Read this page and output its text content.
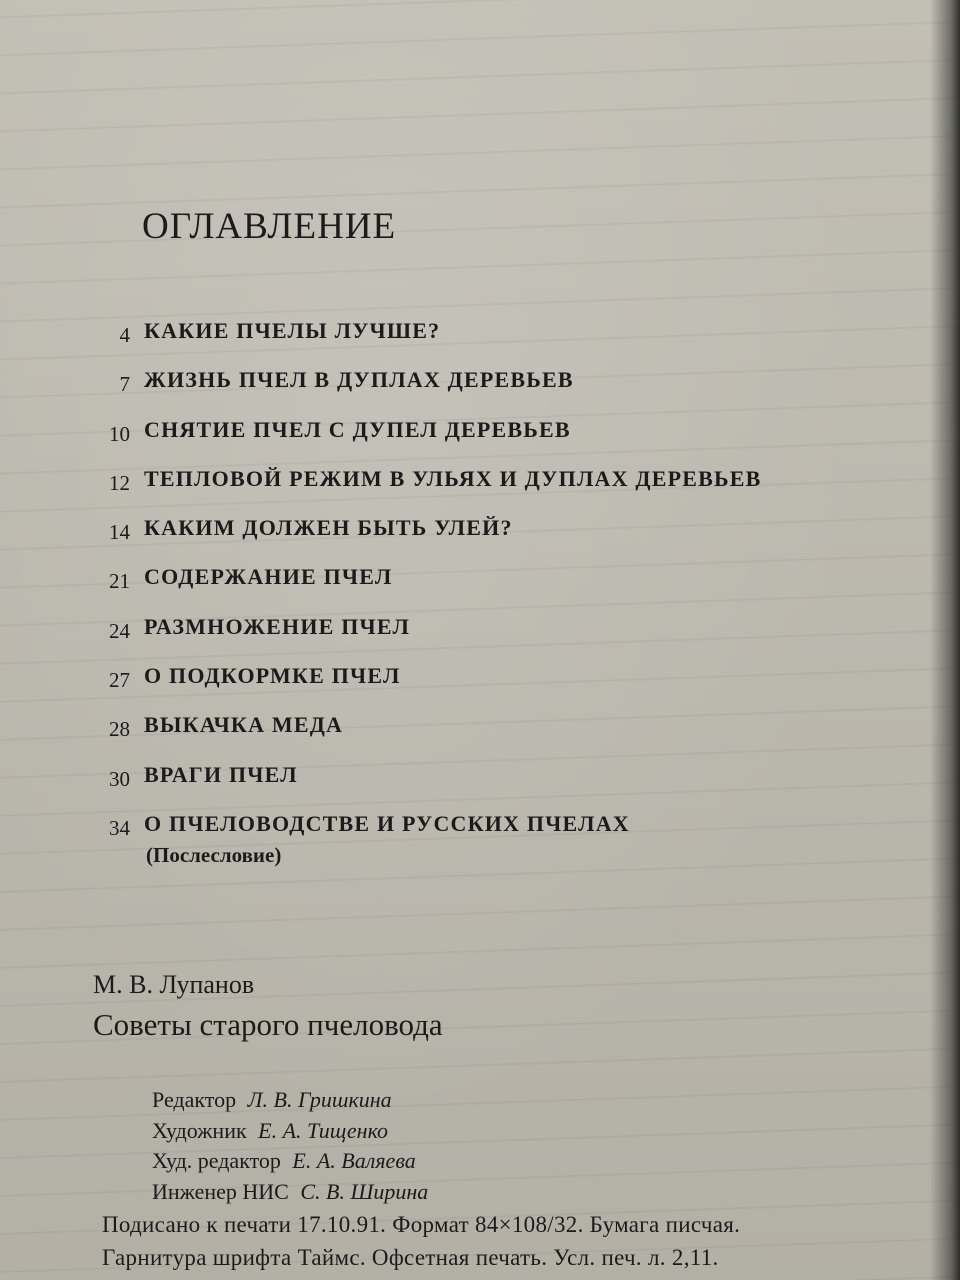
ОГЛАВЛЕНИЕ
4 КАКИЕ ПЧЕЛЫ ЛУЧШЕ?
7 ЖИЗНЬ ПЧЕЛ В ДУПЛАХ ДЕРЕВЬЕВ
10 СНЯТИЕ ПЧЕЛ С ДУПЕЛ ДЕРЕВЬЕВ
12 ТЕПЛОВОЙ РЕЖИМ В УЛЬЯХ И ДУПЛАХ ДЕРЕВЬЕВ
14 КАКИМ ДОЛЖЕН БЫТЬ УЛЕЙ?
21 СОДЕРЖАНИЕ ПЧЕЛ
24 РАЗМНОЖЕНИЕ ПЧЕЛ
27 О ПОДКОРМКЕ ПЧЕЛ
28 ВЫКАЧКА МЕДА
30 ВРАГИ ПЧЕЛ
34 О ПЧЕЛОВОДСТВЕ И РУССКИХ ПЧЕЛАХ
(Послесловие)
М. В. Лупанов
Советы старого пчеловода
Редактор Л. В. Гришкина
Художник Е. А. Тищенко
Худ. редактор Е. А. Валяева
Инженер НИС С. В. Ширина
Подисано к печати 17.10.91. Формат 84×108/32. Бумага писчая.
Гарнитура шрифта Таймс. Офсетная печать. Усл. печ. л. 2,11.
